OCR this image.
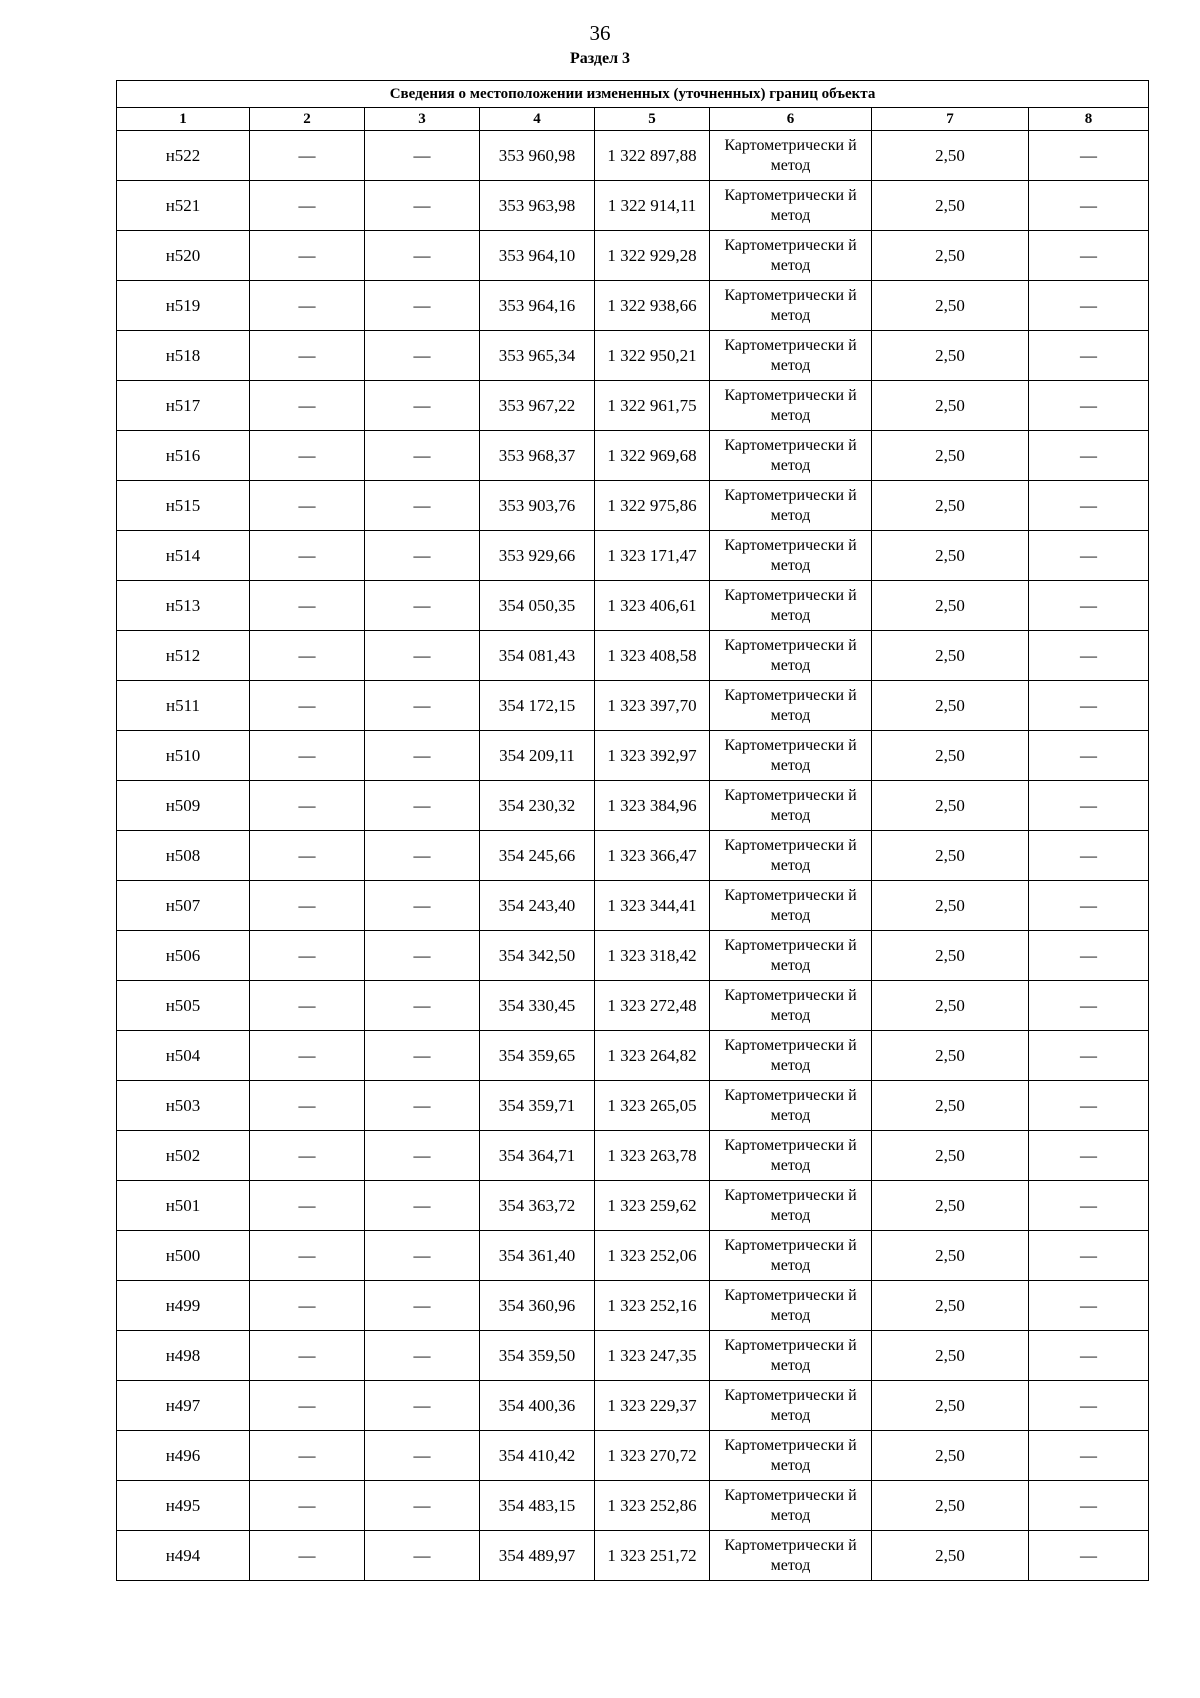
36
Раздел 3
Сведения о местоположении измененных (уточненных) границ объекта							
1	2	3	4	5	6	7	8
н522	—	—	353 960,98	1 322 897,88	Картометрически й метод	2,50	—
н521	—	—	353 963,98	1 322 914,11	Картометрически й метод	2,50	—
н520	—	—	353 964,10	1 322 929,28	Картометрически й метод	2,50	—
н519	—	—	353 964,16	1 322 938,66	Картометрически й метод	2,50	—
н518	—	—	353 965,34	1 322 950,21	Картометрически й метод	2,50	—
н517	—	—	353 967,22	1 322 961,75	Картометрически й метод	2,50	—
н516	—	—	353 968,37	1 322 969,68	Картометрически й метод	2,50	—
н515	—	—	353 903,76	1 322 975,86	Картометрически й метод	2,50	—
н514	—	—	353 929,66	1 323 171,47	Картометрически й метод	2,50	—
н513	—	—	354 050,35	1 323 406,61	Картометрически й метод	2,50	—
н512	—	—	354 081,43	1 323 408,58	Картометрически й метод	2,50	—
н511	—	—	354 172,15	1 323 397,70	Картометрически й метод	2,50	—
н510	—	—	354 209,11	1 323 392,97	Картометрически й метод	2,50	—
н509	—	—	354 230,32	1 323 384,96	Картометрически й метод	2,50	—
н508	—	—	354 245,66	1 323 366,47	Картометрически й метод	2,50	—
н507	—	—	354 243,40	1 323 344,41	Картометрически й метод	2,50	—
н506	—	—	354 342,50	1 323 318,42	Картометрически й метод	2,50	—
н505	—	—	354 330,45	1 323 272,48	Картометрически й метод	2,50	—
н504	—	—	354 359,65	1 323 264,82	Картометрически й метод	2,50	—
н503	—	—	354 359,71	1 323 265,05	Картометрически й метод	2,50	—
н502	—	—	354 364,71	1 323 263,78	Картометрически й метод	2,50	—
н501	—	—	354 363,72	1 323 259,62	Картометрически й метод	2,50	—
н500	—	—	354 361,40	1 323 252,06	Картометрически й метод	2,50	—
н499	—	—	354 360,96	1 323 252,16	Картометрически й метод	2,50	—
н498	—	—	354 359,50	1 323 247,35	Картометрически й метод	2,50	—
н497	—	—	354 400,36	1 323 229,37	Картометрически й метод	2,50	—
н496	—	—	354 410,42	1 323 270,72	Картометрически й метод	2,50	—
н495	—	—	354 483,15	1 323 252,86	Картометрически й метод	2,50	—
н494	—	—	354 489,97	1 323 251,72	Картометрически й метод	2,50	—
